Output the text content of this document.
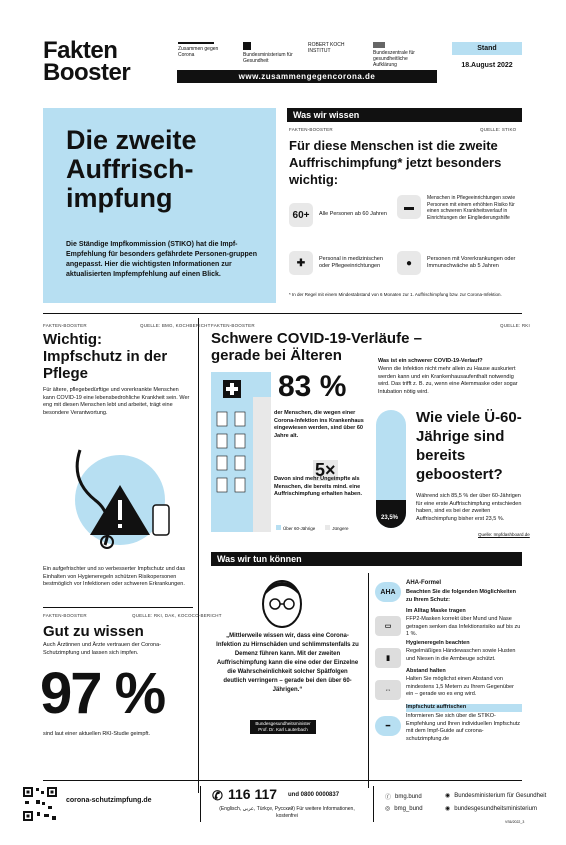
Fakten
Booster
Zusammen gegen Corona	Bundesministerium für Gesundheit
ROBERT KOCH INSTITUT	Bundeszentrale für gesundheitliche Aufklärung
www.zusammengegencorona.de
Stand
18.August 2022
Die zweite Auffrisch-impfung
Die Ständige Impfkommission (STIKO) hat die Impf-Empfehlung für besonders gefährdete Personen-gruppen angepasst. Hier die wichtigsten Informationen zur aktualisierten Impfempfehlung auf einen Blick.
Was wir wissen
FAKTEN-BOOSTER	QUELLE: STIKO
Für diese Menschen ist die zweite Auffrischimpfung* jetzt besonders wichtig:
60+	Alle Personen ab 60 Jahren
▬
Menschen in Pflegeeinrichtungen sowie Personen mit einem erhöhten Risiko für einen schweren Krankheitsverlauf in Einrichtungen der Eingliederungshilfe
✚	Personal in medizinischen oder Pflegeeinrichtungen	●	Personen mit Vorerkrankungen oder Immunschwäche ab 5 Jahren
* In der Regel mit einem Mindestabstand von 6 Monaten zur 1. Auffrischimpfung bzw. zur Corona-Infektion.
FAKTEN-BOOSTER	QUELLE: BMG, KOCHBERICHT
Wichtig: Impfschutz in der Pflege
Für ältere, pflegebedürftige und vorerkrankte Menschen kann COVID-19 eine lebensbedrohliche Krankheit sein. Wer eng mit diesen Menschen lebt und arbeitet, trägt eine besondere Verantwortung.
Ein aufgefrischter und so verbesserter Impfschutz und das Einhalten von Hygieneregeln schützen Risikopersonen bestmöglich vor Infektionen oder schweren Erkrankungen.
FAKTEN-BOOSTER	QUELLE: RKI, DAK, KOCOCO-BERICHT
Gut zu wissen
Auch Ärztinnen und Ärzte vertrauen der Corona-Schutzimpfung und lassen sich impfen.
97 %
sind laut einer aktuellen RKI-Studie geimpft.
FAKTEN-BOOSTER	QUELLE: RKI
Schwere COVID-19-Verläufe – gerade bei Älteren
83 %
der Menschen, die wegen einer Corona-Infektion ins Krankenhaus eingewiesen werden, sind über 60 Jahre alt.
5×
Davon sind mehr Ungeimpfte als Menschen, die bereits mind. eine Auffrischimpfung erhalten haben.
Über 60-Jährige	Jüngere
Was ist ein schwerer COVID-19-Verlauf?
Wenn die Infektion nicht mehr allein zu Hause auskuriert werden kann und ein Krankenhausaufenthalt notwendig wird. Das trifft z. B. zu, wenn eine Atemmaske oder sogar Intubation nötig wird.
23,5%
Wie viele Ü-60-Jährige sind bereits geboostert?
Während sich 85,5 % der über 60-Jährigen für eine erste Auffrischimpfung entschieden haben, sind es bei der zweiten Auffrischimpfung bisher erst 23,5 %.
Quelle: Impfdashboard.de
Was wir tun können
„Mittlerweile wissen wir, dass eine Corona-Infektion zu Hirnschäden und schlimmstenfalls zu Demenz führen kann. Mit der zweiten Auffrischimpfung kann die eine oder der Einzelne die Wahrscheinlichkeit solcher Spätfolgen deutlich verringern – gerade bei den über 60-Jährigen.“
Bundesgesundheitsminister Prof. Dr. Karl Lauterbach
AHA
AHA-Formel
Beachten Sie die folgenden Möglichkeiten zu Ihrem Schutz:
▭
Im Alltag Maske tragen
FFP2-Masken korrekt über Mund und Nase getragen senken das Infektionsrisiko auf bis zu 1 %.
▮
Hygieneregeln beachten
Regelmäßiges Händewaschen sowie Husten und Niesen in die Armbeuge schützt.
⇔
Abstand halten
Halten Sie möglichst einen Abstand von mindestens 1,5 Metern zu Ihrem Gegenüber ein – gerade wo es eng wird.
━
Impfschutz auffrischen
Informieren Sie sich über die STIKO-Empfehlung und Ihren individuellen Impfschutz mit dem Impf-Guide auf corona-schutzimpfung.de
corona-schutzimpfung.de	✆ 116 117 und 0800 0000837
(Englisch, عربي, Türkçe, Русский) Für weitere Informationen, kostenfrei
ⓕ bmg.bund
◎ bmg_bund
◉ Bundesministerium für Gesundheit
◉ bundesgesundheitsministerium
VS6/2022_3
